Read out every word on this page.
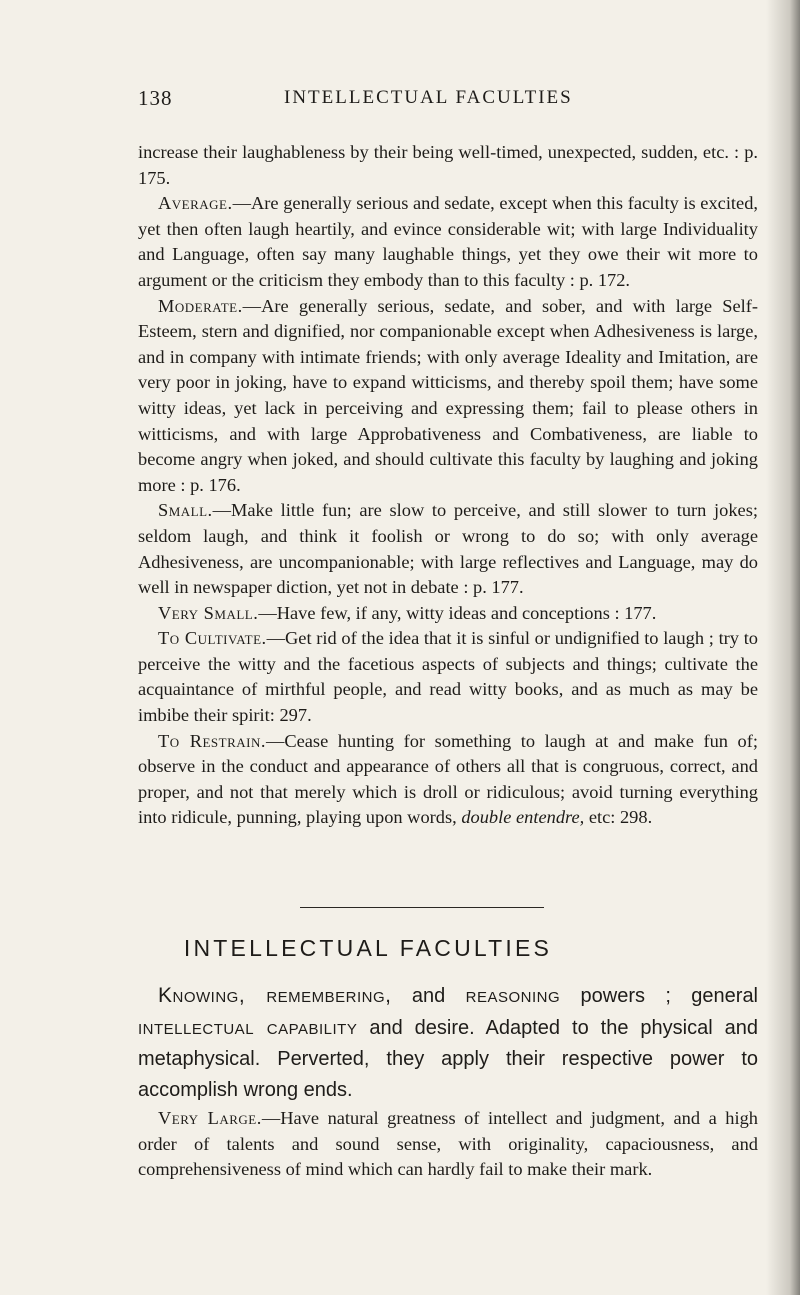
138	INTELLECTUAL FACULTIES

increase their laughableness by their being well-timed, unexpected, sudden, etc. : p. 175.

Average.—Are generally serious and sedate, except when this faculty is excited, yet then often laugh heartily, and evince considerable wit; with large Individuality and Language, often say many laughable things, yet they owe their wit more to argument or the criticism they embody than to this faculty : p. 172.

Moderate.—Are generally serious, sedate, and sober, and with large Self-Esteem, stern and dignified, nor companionable except when Adhesiveness is large, and in company with intimate friends; with only average Ideality and Imitation, are very poor in joking, have to expand witticisms, and thereby spoil them; have some witty ideas, yet lack in perceiving and expressing them; fail to please others in witticisms, and with large Approbativeness and Combativeness, are liable to become angry when joked, and should cultivate this faculty by laughing and joking more : p. 176.

Small.—Make little fun; are slow to perceive, and still slower to turn jokes; seldom laugh, and think it foolish or wrong to do so; with only average Adhesiveness, are uncompanionable; with large reflectives and Language, may do well in newspaper diction, yet not in debate : p. 177.

Very Small.—Have few, if any, witty ideas and conceptions : 177.

To Cultivate.—Get rid of the idea that it is sinful or undignified to laugh ; try to perceive the witty and the facetious aspects of subjects and things; cultivate the acquaintance of mirthful people, and read witty books, and as much as may be imbibe their spirit: 297.

To Restrain.—Cease hunting for something to laugh at and make fun of; observe in the conduct and appearance of others all that is congruous, correct, and proper, and not that merely which is droll or ridiculous; avoid turning everything into ridicule, punning, playing upon words, double entendre, etc: 298.

INTELLECTUAL FACULTIES

Knowing, remembering, and reasoning powers ; general intellectual capability and desire. Adapted to the physical and metaphysical. Perverted, they apply their respective power to accomplish wrong ends.

Very Large.—Have natural greatness of intellect and judgment, and a high order of talents and sound sense, with originality, capaciousness, and comprehensiveness of mind which can hardly fail to make their mark.
